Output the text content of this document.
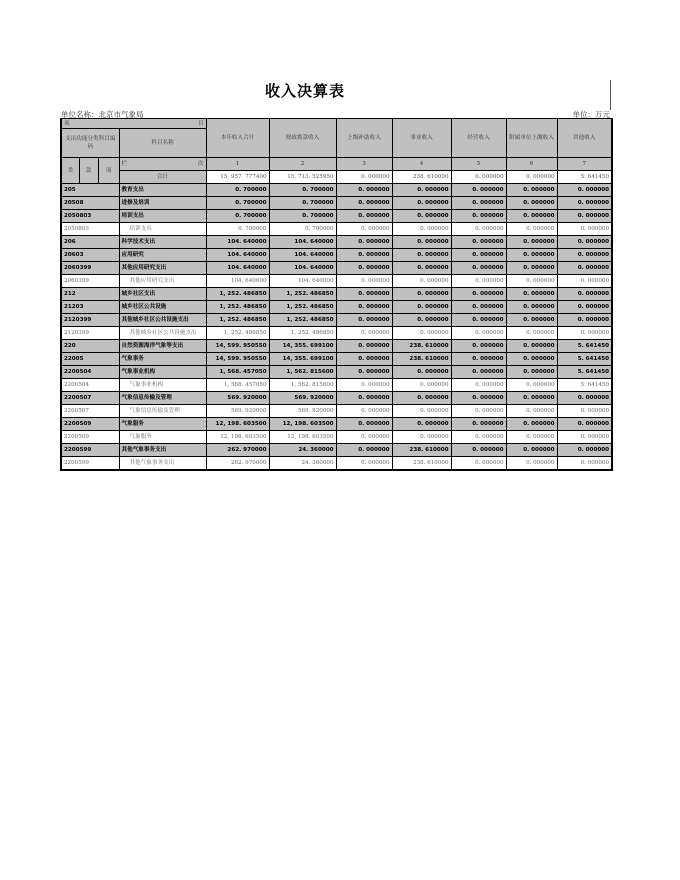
收入决算表
单位名称：北京市气象局	单位：万元
项 目				本年收入合计	财政拨款收入	上级补助收入	事业收入	经营收入	附属单位上缴收入	其他收入
支出功能分类科目编码			科目名称							
类	款	项	栏 次	1	2	3	4	5	6	7
			合计	15, 957. 777400	15, 713. 525950	0. 000000	238. 610000	0. 000000	0. 000000	5. 641450
205			教育支出	0. 700000	0. 700000	0. 000000	0. 000000	0. 000000	0. 000000	0. 000000
20508			进修及培训	0. 700000	0. 700000	0. 000000	0. 000000	0. 000000	0. 000000	0. 000000
2050803			培训支出	0. 700000	0. 700000	0. 000000	0. 000000	0. 000000	0. 000000	0. 000000
2050803			培训支出	0. 700000	0. 700000	0. 000000	0. 000000	0. 000000	0. 000000	0. 000000
206			科学技术支出	104. 640000	104. 640000	0. 000000	0. 000000	0. 000000	0. 000000	0. 000000
20603			应用研究	104. 640000	104. 640000	0. 000000	0. 000000	0. 000000	0. 000000	0. 000000
2060399			其他应用研究支出	104. 640000	104. 640000	0. 000000	0. 000000	0. 000000	0. 000000	0. 000000
2060399			其他应用研究支出	104. 640000	104. 640000	0. 000000	0. 000000	0. 000000	0. 000000	0. 000000
212			城乡社区支出	1, 252. 486850	1, 252. 486850	0. 000000	0. 000000	0. 000000	0. 000000	0. 000000
21203			城乡社区公共设施	1, 252. 486850	1, 252. 486850	0. 000000	0. 000000	0. 000000	0. 000000	0. 000000
2120399			其他城乡社区公共设施支出	1, 252. 486850	1, 252. 486850	0. 000000	0. 000000	0. 000000	0. 000000	0. 000000
2120399			其他城乡社区公共设施支出	1, 252. 486850	1, 252. 486850	0. 000000	0. 000000	0. 000000	0. 000000	0. 000000
220			自然资源海洋气象等支出	14, 599. 950550	14, 355. 699100	0. 000000	238. 610000	0. 000000	0. 000000	5. 641450
22005			气象事务	14, 599. 950550	14, 355. 699100	0. 000000	238. 610000	0. 000000	0. 000000	5. 641450
2200504			气象事业机构	1, 568. 457050	1, 562. 815600	0. 000000	0. 000000	0. 000000	0. 000000	5. 641450
2200504			气象事业机构	1, 568. 457050	1, 562. 815600	0. 000000	0. 000000	0. 000000	0. 000000	5. 641450
2200507			气象信息传输及管理	569. 920000	569. 920000	0. 000000	0. 000000	0. 000000	0. 000000	0. 000000
2200507			气象信息传输及管理	569. 920000	569. 920000	0. 000000	0. 000000	0. 000000	0. 000000	0. 000000
2200509			气象服务	12, 198. 603500	12, 198. 603500	0. 000000	0. 000000	0. 000000	0. 000000	0. 000000
2200509			气象服务	12, 198. 603500	12, 198. 603500	0. 000000	0. 000000	0. 000000	0. 000000	0. 000000
2200599			其他气象事务支出	262. 970000	24. 360000	0. 000000	238. 610000	0. 000000	0. 000000	0. 000000
2200599			其他气象事务支出	262. 970000	24. 360000	0. 000000	238. 610000	0. 000000	0. 000000	0. 000000
